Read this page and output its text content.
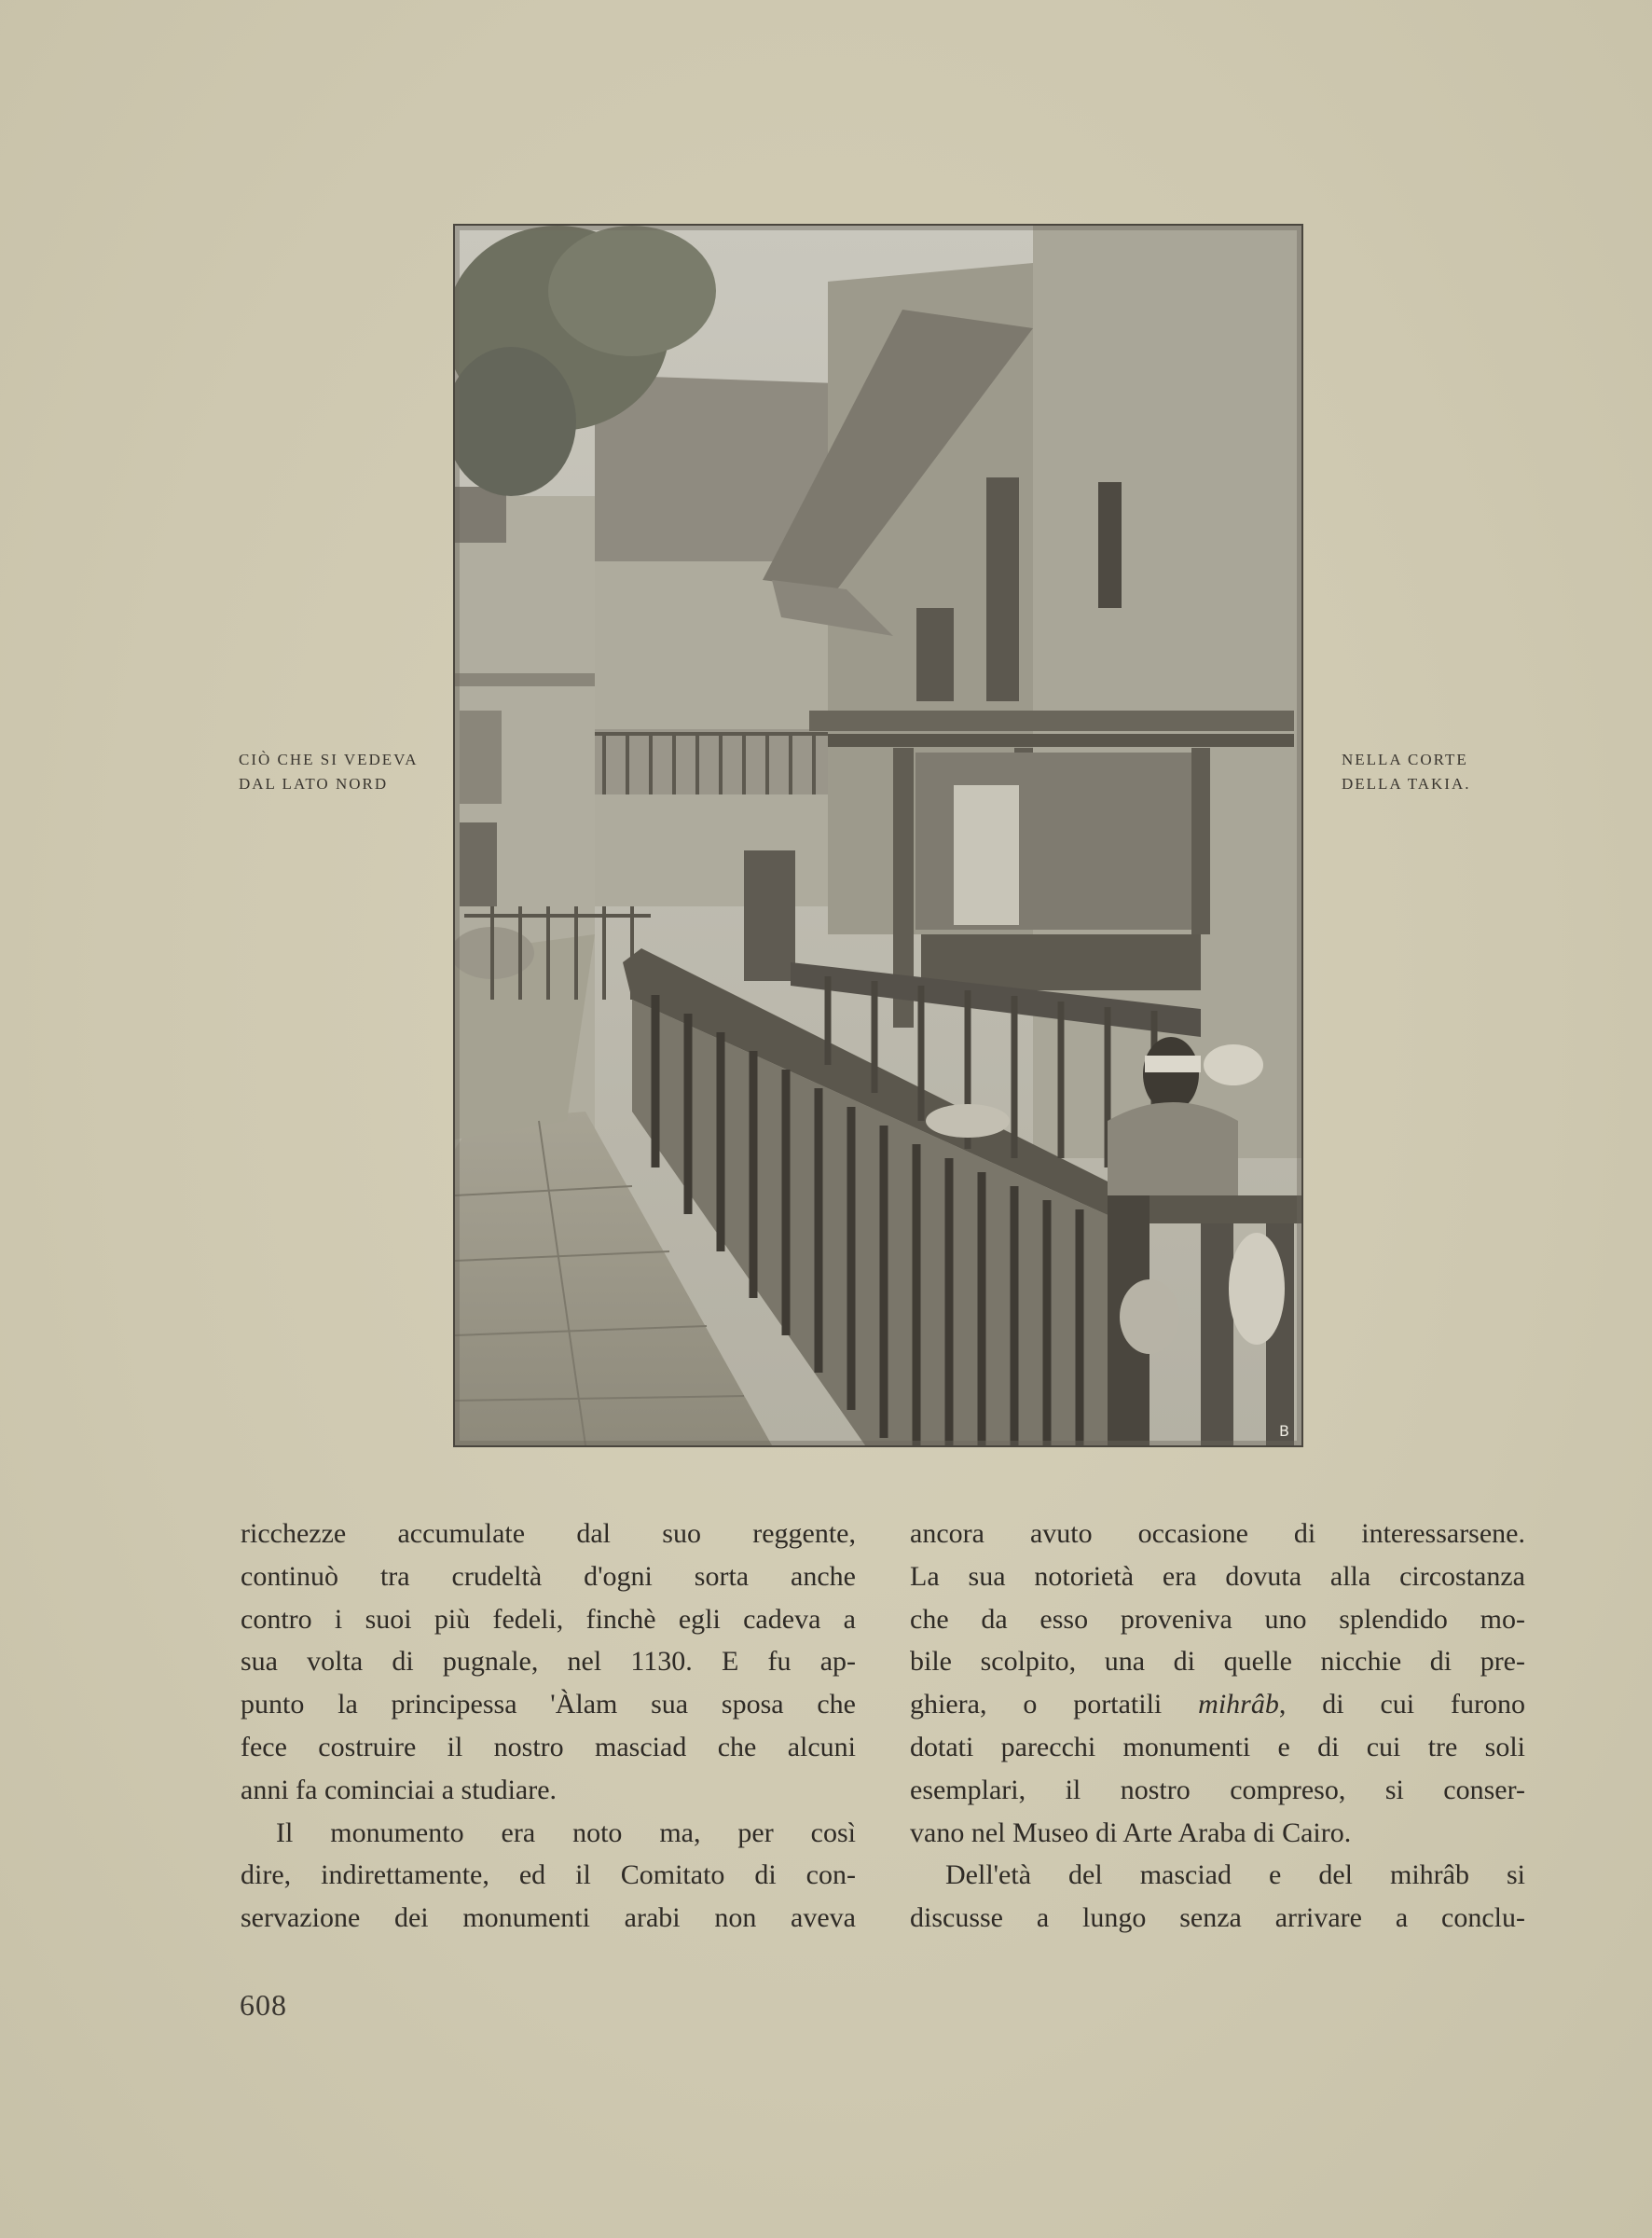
B
CIÒ CHE SI VEDEVA
DAL LATO NORD
NELLA CORTE
DELLA TAKIA.
ricchezze accumulate dal suo reggente,
continuò tra crudeltà d'ogni sorta anche
contro i suoi più fedeli, finchè egli cadeva a
sua volta di pugnale, nel 1130. E fu ap-
punto la principessa 'Àlam sua sposa che
fece costruire il nostro masciad che alcuni
anni fa cominciai a studiare.
Il monumento era noto ma, per così
dire, indirettamente, ed il Comitato di con-
servazione dei monumenti arabi non aveva
ancora avuto occasione di interessarsene.
La sua notorietà era dovuta alla circostanza
che da esso proveniva uno splendido mo-
bile scolpito, una di quelle nicchie di pre-
ghiera, o portatili mihrâb, di cui furono
dotati parecchi monumenti e di cui tre soli
esemplari, il nostro compreso, si conser-
vano nel Museo di Arte Araba di Cairo.
Dell'età del masciad e del mihrâb si
discusse a lungo senza arrivare a conclu-
608
